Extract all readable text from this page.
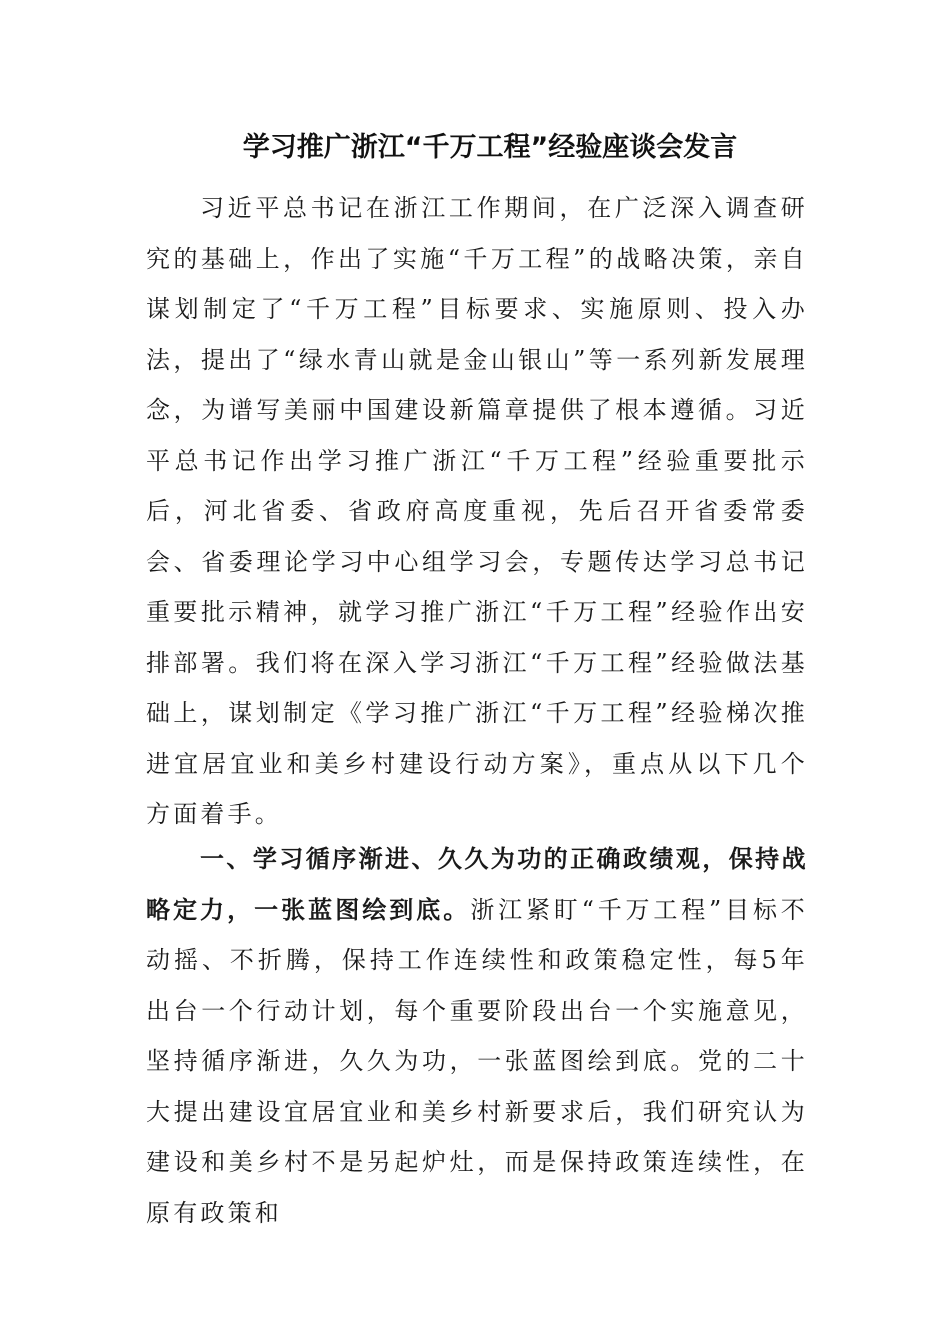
学习推广浙江“千万工程”经验座谈会发言

习近平总书记在浙江工作期间，在广泛深入调查研究的基础上，作出了实施“千万工程”的战略决策，亲自谋划制定了“千万工程”目标要求、实施原则、投入办法，提出了“绿水青山就是金山银山”等一系列新发展理念，为谱写美丽中国建设新篇章提供了根本遵循。习近平总书记作出学习推广浙江“千万工程”经验重要批示后，河北省委、省政府高度重视，先后召开省委常委会、省委理论学习中心组学习会，专题传达学习总书记重要批示精神，就学习推广浙江“千万工程”经验作出安排部署。我们将在深入学习浙江“千万工程”经验做法基础上，谋划制定《学习推广浙江“千万工程”经验梯次推进宜居宜业和美乡村建设行动方案》，重点从以下几个方面着手。

一、学习循序渐进、久久为功的正确政绩观，保持战略定力，一张蓝图绘到底。浙江紧盯“千万工程”目标不动摇、不折腾，保持工作连续性和政策稳定性，每5年出台一个行动计划，每个重要阶段出台一个实施意见，坚持循序渐进，久久为功，一张蓝图绘到底。党的二十大提出建设宜居宜业和美乡村新要求后，我们研究认为建设和美乡村不是另起炉灶，而是保持政策连续性，在原有政策和
